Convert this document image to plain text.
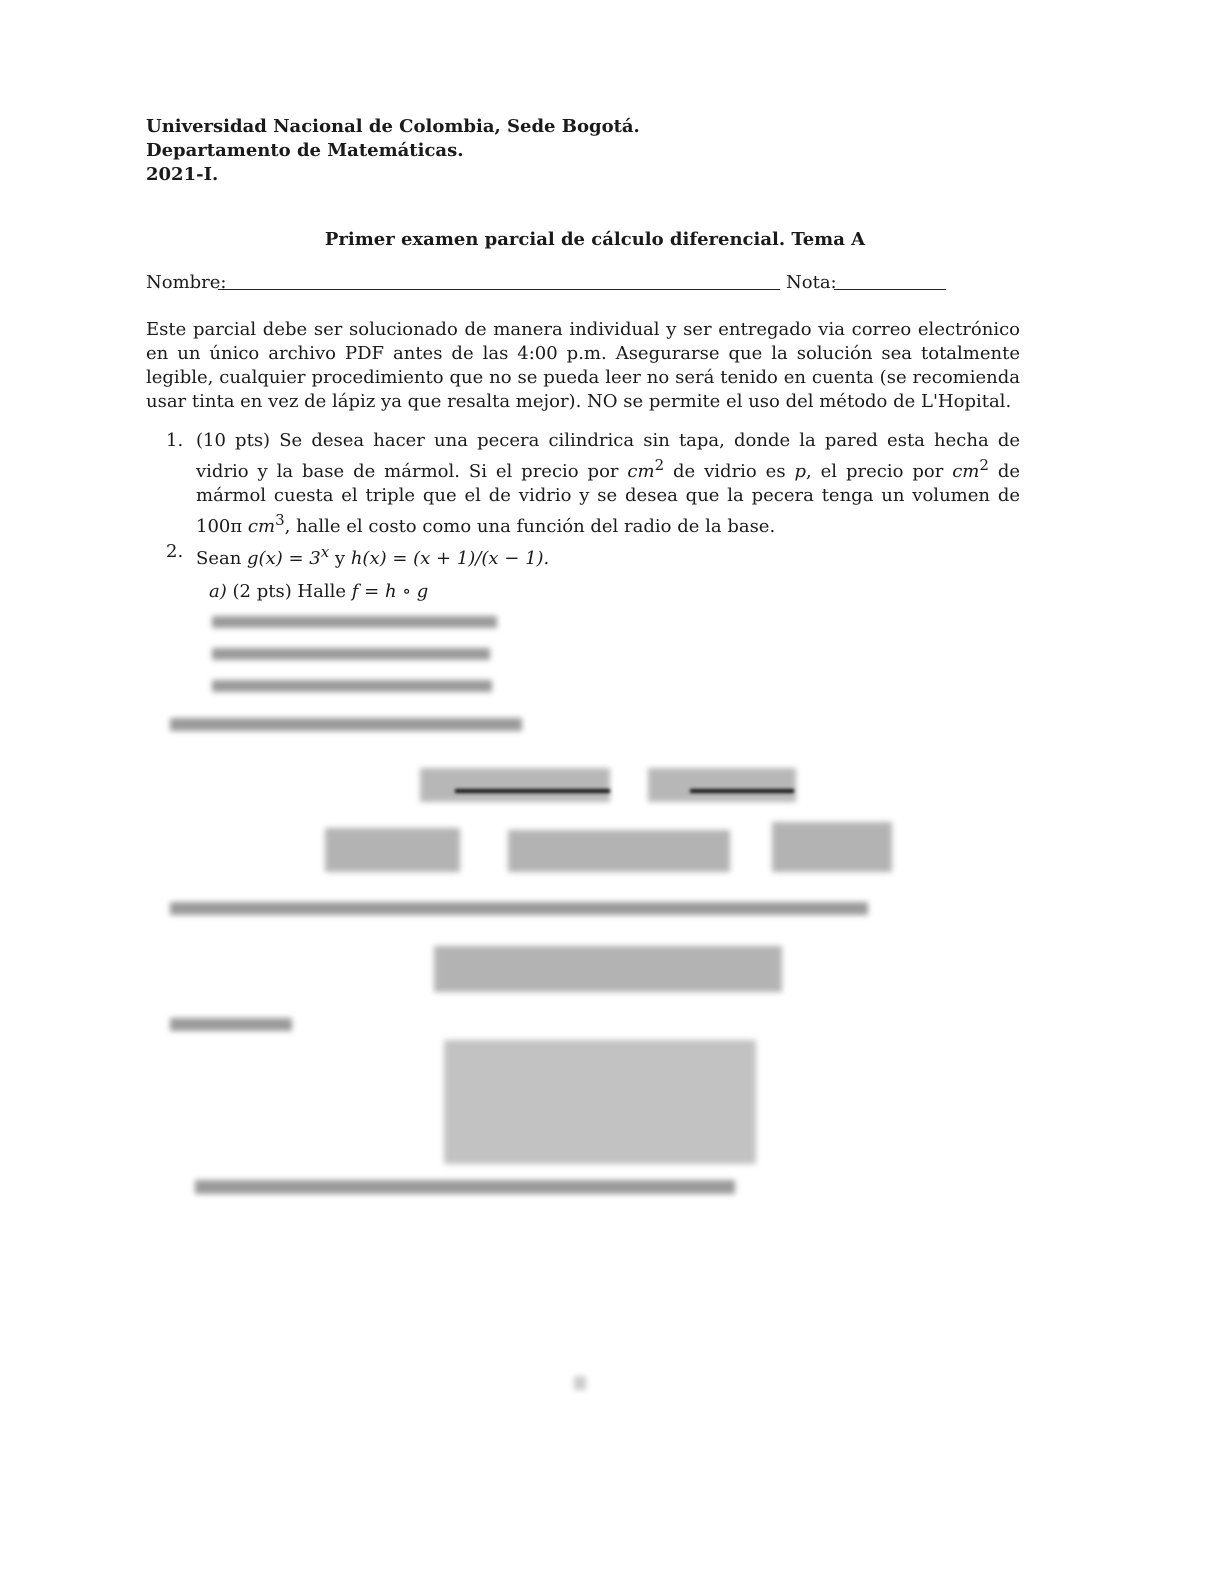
Universidad Nacional de Colombia, Sede Bogotá.
Departamento de Matemáticas.
2021-I.
Primer examen parcial de cálculo diferencial. Tema A
Nombre:	Nota:
Este parcial debe ser solucionado de manera individual y ser entregado via correo electrónico en un único archivo PDF antes de las 4:00 p.m. Asegurarse que la solución sea totalmente legible, cualquier procedimiento que no se pueda leer no será tenido en cuenta (se recomienda usar tinta en vez de lápiz ya que resalta mejor). NO se permite el uso del método de L'Hopital.
1. (10 pts) Se desea hacer una pecera cilindrica sin tapa, donde la pared esta hecha de vidrio y la base de mármol. Si el precio por $cm^2$ de vidrio es p, el precio por $cm^2$ de mármol cuesta el triple que el de vidrio y se desea que la pecera tenga un volumen de 100π $cm^3$, halle el costo como una función del radio de la base.
2. Sean $g(x) = 3^x$ y h(x) = (x + 1)/(x − 1).
a) (2 pts) Halle f = h ∘ g
